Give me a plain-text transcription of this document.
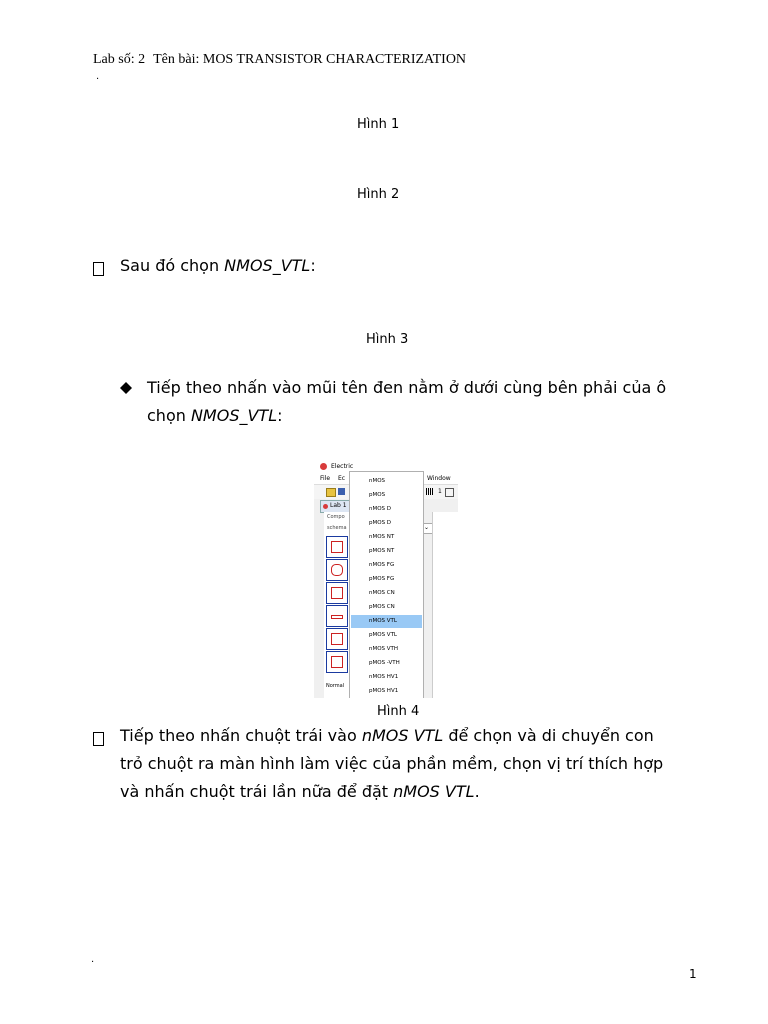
Lab số: 2 Tên bài: MOS TRANSISTOR CHARACTERIZATION
.
Hình 1
Hình 2
Sau đó chọn NMOS_VTL:
Hình 3
Tiếp theo nhấn vào mũi tên đen nằm ở dưới cùng bên phải của ô
chọn NMOS_VTL:
Electric
File Ec	Window
1
Lab 1
Compo
schema
Normal
⌄
nMOS
pMOS
nMOS D
pMOS D
nMOS NT
pMOS NT
nMOS FG
pMOS FG
nMOS CN
pMOS CN
nMOS VTL
pMOS VTL
nMOS VTH
pMOS -VTH
nMOS HV1
pMOS HV1
Hình 4
Tiếp theo nhấn chuột trái vào nMOS VTL để chọn và di chuyển con
trỏ chuột ra màn hình làm việc của phần mềm, chọn vị trí thích hợp
và nhấn chuột trái lần nữa để đặt nMOS VTL.
.
1
